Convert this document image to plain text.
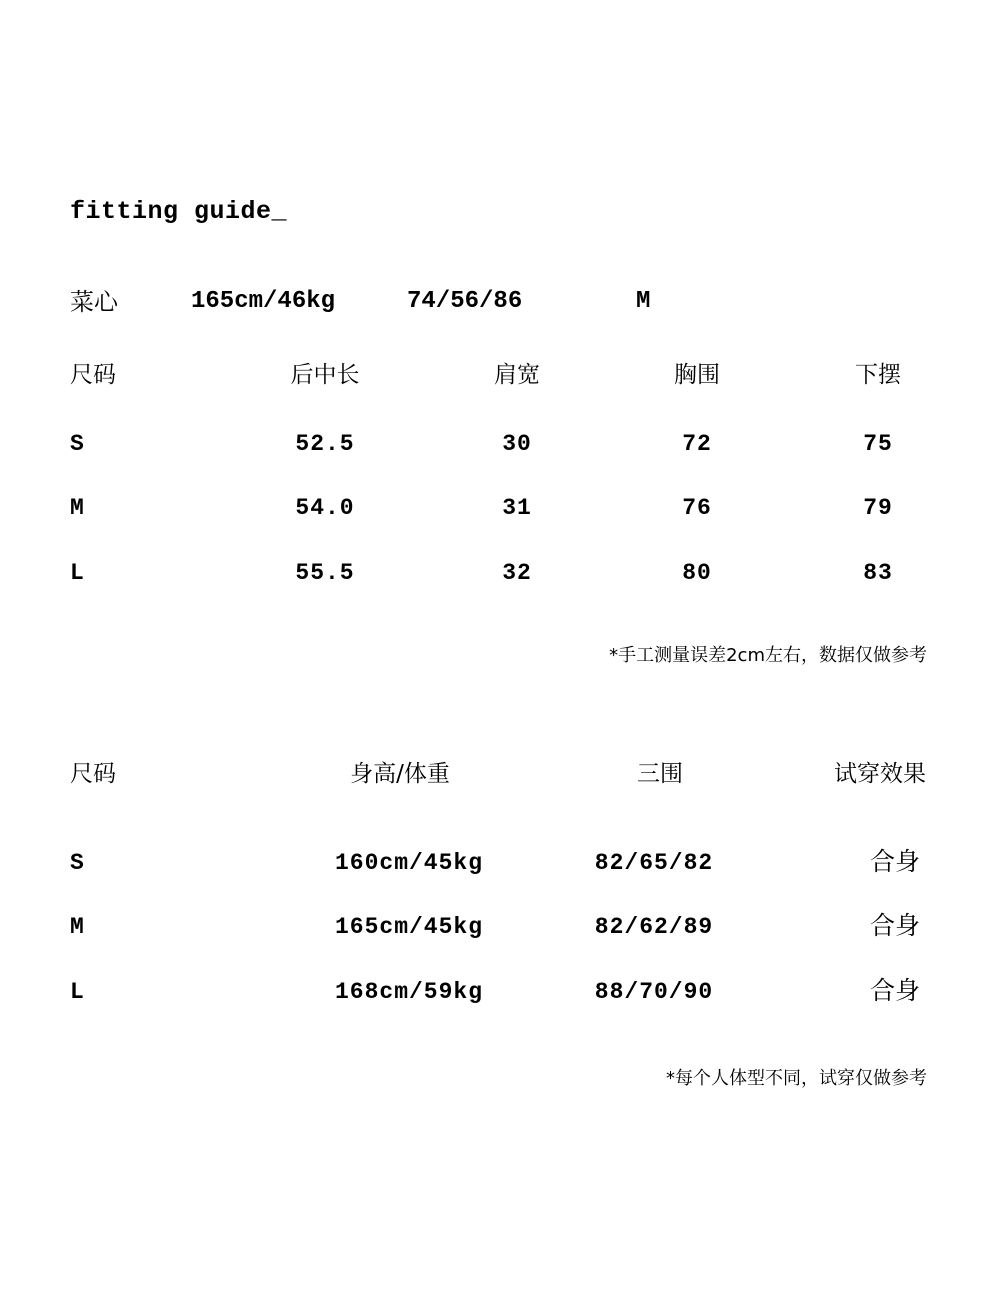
fitting guide_
菜心	165cm/46kg	74/56/86	M
尺码	后中长	肩宽	胸围	下摆
S	52.5	30	72	75
M	54.0	31	76	79
L	55.5	32	80	83
*手工测量误差2cm左右，数据仅做参考
尺码	身高/体重	三围	试穿效果
S	160cm/45kg	82/65/82	合身
M	165cm/45kg	82/62/89	合身
L	168cm/59kg	88/70/90	合身
*每个人体型不同，试穿仅做参考
